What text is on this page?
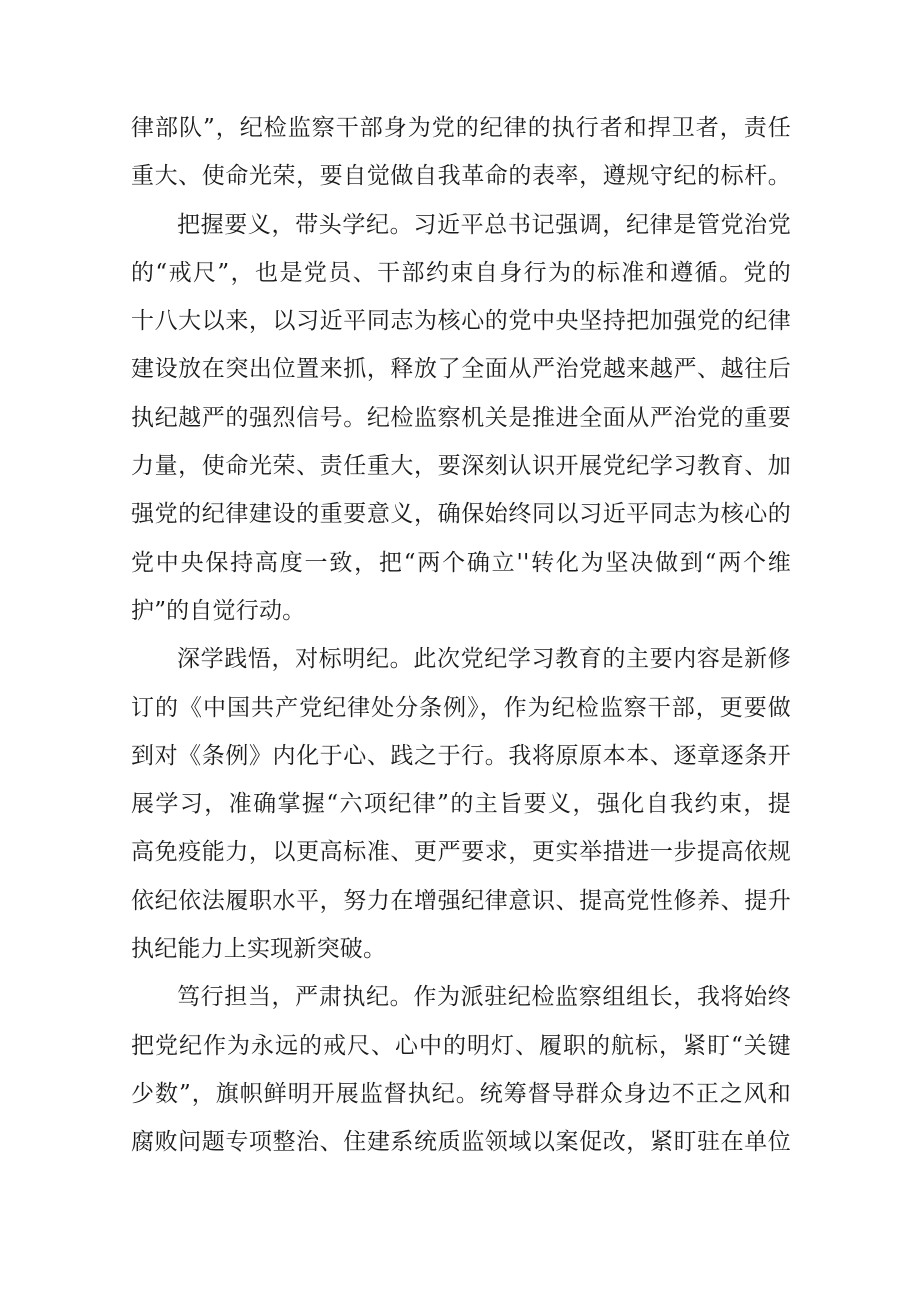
律部队”，纪检监察干部身为党的纪律的执行者和捍卫者，责任
重大、使命光荣，要自觉做自我革命的表率，遵规守纪的标杆。
把握要义，带头学纪。习近平总书记强调，纪律是管党治党
的“戒尺”，也是党员、干部约束自身行为的标准和遵循。党的
十八大以来，以习近平同志为核心的党中央坚持把加强党的纪律
建设放在突出位置来抓，释放了全面从严治党越来越严、越往后
执纪越严的强烈信号。纪检监察机关是推进全面从严治党的重要
力量，使命光荣、责任重大，要深刻认识开展党纪学习教育、加
强党的纪律建设的重要意义，确保始终同以习近平同志为核心的
党中央保持高度一致，把“两个确立''转化为坚决做到“两个维
护”的自觉行动。
深学践悟，对标明纪。此次党纪学习教育的主要内容是新修
订的《中国共产党纪律处分条例》，作为纪检监察干部，更要做
到对《条例》内化于心、践之于行。我将原原本本、逐章逐条开
展学习，准确掌握“六项纪律”的主旨要义，强化自我约束，提
高免疫能力，以更高标准、更严要求，更实举措进一步提高依规
依纪依法履职水平，努力在增强纪律意识、提高党性修养、提升
执纪能力上实现新突破。
笃行担当，严肃执纪。作为派驻纪检监察组组长，我将始终
把党纪作为永远的戒尺、心中的明灯、履职的航标，紧盯“关键
少数”，旗帜鲜明开展监督执纪。统筹督导群众身边不正之风和
腐败问题专项整治、住建系统质监领域以案促改，紧盯驻在单位
